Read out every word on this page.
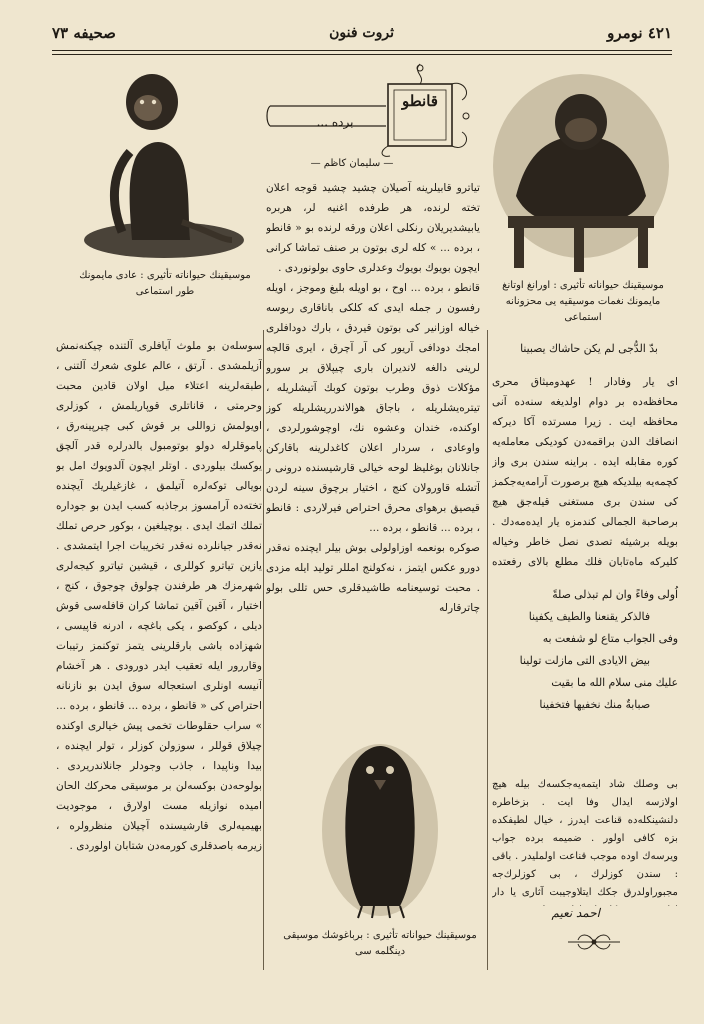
٤٢١ نومرو
ثروت فنون
صحيفه ٧٣
موسيقينك حيواناته تأثيرى : عادى مايمونك طور استماعى
موسيقينك حيواناته تأثيرى : اورانغ اوتانغ مايمونك نغمات موسيقيه يى محزونانه استماعى
قانطو
برده ...
— سليمان كاظم —

تياترو قابيلرينه آصيلان چشيد چشيد قوجه اعلان تخته لرنده، هر طرفده اغنيه لر، هربره يابيشديريلان رنكلى اعلان ورقه لرنده بو « قانطو ، برده ... » كله لرى بوتون بر صنف تماشا كرانى ايچون بويوك بويوك وعدلرى حاوى بولونوردى .

قانطو ، برده ... اوح ، بو اويله بليغ وموجز ، اويله رفسون ر جمله ايدى كه كلكى باناقارى ربوسه خياله اوزانير كى بوتون قيردق ، بارك دودافلرى امجك دودافى آريور كى آر آچرق ، ايرى قالچه لرينى دالغه لانديران بارى چيپلاق بر سورو مؤكلات ذوق وطرب بوتون كوبك آتيشلريله ، تيترەيشلريله ، باجاق هوالاندرريشلريله كوز اوكنده، خندان وعشوه نك، اوچوشورلردى ، واوعادى ، سردار اعلان كاغدلرينه باقاركن جانلانان بوغليظ لوحه خيالى قارشيسنده درونى ر آتشله قاورولان كنج ، اختيار برچوق سينه لردن قيصيق برهواى محرق احتراص فيرلاردى : قانطو ، برده ... قانطو ، برده ...

صوكره بونعمه اوزاولولى بوش بيلر ايچنده نەقدر دورو عكس ايتمز ، نەكولنج امللر توليد ايله مزدى . محبت توسيعنامه طاشيدقلرى حس تللى بولو چاترقارله

موسيقينك حيواناته تأثيرى : برباغوشك موسيقى دينگلمه سى

سوسله‌ن بو ملوث آيافلرى آلتنده چيكنه‌نمش آزيلمشدى . آرتق ، عالم علوى شعرك آلتنى ، طبقه‌لرينه اعتلاء ميل اولان قادين محبت وحرمتى ، قاناتلرى قوپاريلمش ، كوزلرى اويولمش زواللى بر قوش كبى چيرپينه‌رق ، پاموقلرله دولو بوتومبول بالدرلره قدر آلچق يوكسك بيلوردى . اوتلر ايچون آلدويوك امل بو بويالى توكه‌لره آتيلمق ، غازغيلريك آيچنده تخته‌ده آرامسوز برجاذبه كسب ايدن بو جوداره تملك اتمك ايدى . بوچيلغين ، بوكور حرص تملك نەقدر جيانلرده نەقدر تخريبات اجرا ايتمشدى . يازين تياترو كوللرى ، قيشين تياترو كيجەلرى شهرمزك هر طرفندن چولوق چوجوق ، كنج ، اختيار ، آقين آقين تماشا كران قافله‌سى قوش ديلى ، كوكصو ، يكى باغچه ، ادرنه قاپيسى ، شهزاده باشى بارقلرينى يتمز توكنمز رتيبات وقاررور ايله تعقيب ايدر دورودى . هر آخشام آنيسه اونلرى استعجاله سوق ايدن بو نازنانه احتراص كى « قانطو ، برده ... قانطو ، برده ... » سراب حقلوطات تخمى پيش خيالرى اوكنده چيلاق قوللر ، سوزولن كوزلر ، تولر ايچنده ، بيدا وناپيدا ، جاذب وجودلر جانلاندريردى . بولوحه‌دن بوكسه‌لن بر موسيقى محركك الحان اميده نوازيله مست اولارق ، موجوديت بهيميه‌لرى قارشيسنده آچيلان منظرولره ، زيرمه باصدقلرى كورمه‌دن شتابان اولوردى .

بدّ الدُّجى لم يكن حاشاك يصبينا

اى يار وفادار ! عهدوميثاق محرى محافظه‌ده بر دوام اولديغه سنه‌ده آنى محافظه ايت . زيرا مسرتده آكا ديركه انصافك الدن براقمه‌دن كوديكى معامله‌يه كوره مقابله ايده . براينه سندن برى واز كچمه‌يه بيلديكه هيچ برصورت آرامه‌يه‌جكمز كى سندن برى مستغنى قيلەجق هيچ برصاحبة الجمالى كندمزه يار ايده‌مه‌دك . بويله برشيئه تصدى نصل خاطر وخياله كليركه ماه‌تابان فلك مطلع بالاى رفعتده

اُولى وفاءً وان لم تبذلى صلةً
فالذكر يقنعنا والطيف يكفينا
وفى الجواب متاع لو شفعت به
بيض الايادى التى مازلت تولينا
عليك منى سلام الله ما بقيت
صبابةٌ منك نخفيها فتخفينا

بى وصلك شاد ايتمه‌يه‌جكسه‌ك بيله هيچ اولازسه ايدال وفا ايت . بزخاطره دلنشينكله‌ده قناعت ايدرز ، خيال لطيفكده بزه كافى اولور . ضميمه برده جواب ويرسه‌ك اوده موجب قناعت اولمليدر . باقى : سندن كوزلرك ، بى كوزلرك‌جه مجبوراولدرق جكك ايتلاوجيبت آثارى يا دار

احمد نعيم
